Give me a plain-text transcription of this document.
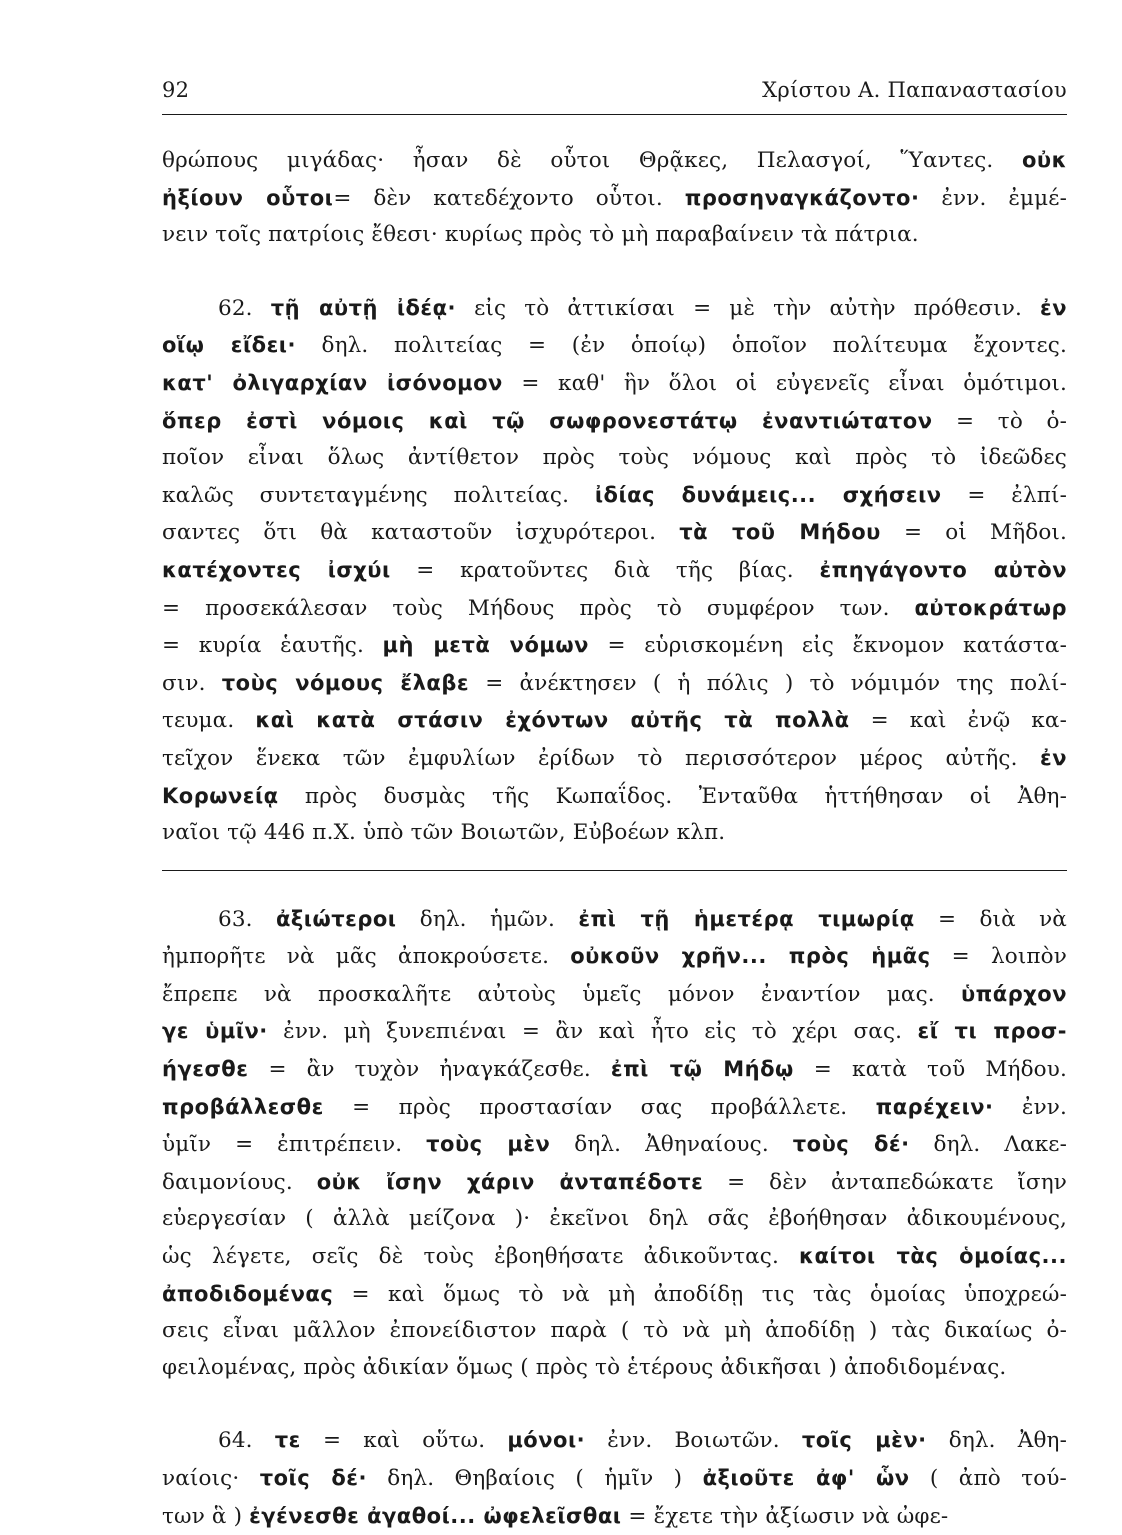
92	Χρίστου Α. Παπαναστασίου
θρώπους μιγάδας· ἦσαν δὲ οὗτοι Θρᾷκες, Πελασγοί, Ὕαντες. οὐκ
ἠξίουν οὗτοι= δὲν κατεδέχοντο οὗτοι. προσηναγκάζοντο· ἐνν. ἐμμέ-
νειν τοῖς πατρίοις ἔθεσι· κυρίως πρὸς τὸ μὴ παραβαίνειν τὰ πάτρια.
62. τῇ αὐτῇ ἰδέᾳ· εἰς τὸ ἀττικίσαι = μὲ τὴν αὐτὴν πρόθεσιν. ἐν
οἵῳ εἴδει· δηλ. πολιτείας = (ἐν ὁποίῳ) ὁποῖον πολίτευμα ἔχοντες.
κατ' ὀλιγαρχίαν ἰσόνομον = καθ' ἣν ὅλοι οἱ εὐγενεῖς εἶναι ὁμότιμοι.
ὅπερ ἐστὶ νόμοις καὶ τῷ σωφρονεστάτῳ ἐναντιώτατον = τὸ ὁ-
ποῖον εἶναι ὅλως ἀντίθετον πρὸς τοὺς νόμους καὶ πρὸς τὸ ἰδεῶδες
καλῶς συντεταγμένης πολιτείας. ἰδίας δυνάμεις... σχήσειν = ἐλπί-
σαντες ὅτι θὰ καταστοῦν ἰσχυρότεροι. τὰ τοῦ Μήδου = οἱ Μῆδοι.
κατέχοντες ἰσχύι = κρατοῦντες διὰ τῆς βίας. ἐπηγάγοντο αὐτὸν
= προσεκάλεσαν τοὺς Μήδους πρὸς τὸ συμφέρον των. αὐτοκράτωρ
= κυρία ἑαυτῆς. μὴ μετὰ νόμων = εὑρισκομένη εἰς ἔκνομον κατάστα-
σιν. τοὺς νόμους ἔλαβε = ἀνέκτησεν ( ἡ πόλις ) τὸ νόμιμόν της πολί-
τευμα. καὶ κατὰ στάσιν ἐχόντων αὐτῆς τὰ πολλὰ = καὶ ἐνῷ κα-
τεῖχον ἕνεκα τῶν ἐμφυλίων ἐρίδων τὸ περισσότερον μέρος αὐτῆς. ἐν
Κορωνείᾳ πρὸς δυσμὰς τῆς Κωπαΐδος. Ἐνταῦθα ἡττήθησαν οἱ Ἀθη-
ναῖοι τῷ 446 π.Χ. ὑπὸ τῶν Βοιωτῶν, Εὐβοέων κλπ.
63. ἀξιώτεροι δηλ. ἡμῶν. ἐπὶ τῇ ἡμετέρᾳ τιμωρίᾳ = διὰ νὰ
ἠμπορῆτε νὰ μᾶς ἀποκρούσετε. οὐκοῦν χρῆν... πρὸς ἡμᾶς = λοιπὸν
ἔπρεπε νὰ προσκαλῆτε αὐτοὺς ὑμεῖς μόνον ἐναντίον μας. ὑπάρχον
γε ὑμῖν· ἐνν. μὴ ξυνεπιέναι = ἂν καὶ ἦτο εἰς τὸ χέρι σας. εἴ τι προσ-
ήγεσθε = ἂν τυχὸν ἠναγκάζεσθε. ἐπὶ τῷ Μήδῳ = κατὰ τοῦ Μήδου.
προβάλλεσθε = πρὸς προστασίαν σας προβάλλετε. παρέχειν· ἐνν.
ὑμῖν = ἐπιτρέπειν. τοὺς μὲν δηλ. Ἀθηναίους. τοὺς δέ· δηλ. Λακε-
δαιμονίους. οὐκ ἴσην χάριν ἀνταπέδοτε = δὲν ἀνταπεδώκατε ἴσην
εὐεργεσίαν ( ἀλλὰ μείζονα )· ἐκεῖνοι δηλ σᾶς ἐβοήθησαν ἀδικουμένους,
ὡς λέγετε, σεῖς δὲ τοὺς ἐβοηθήσατε ἀδικοῦντας. καίτοι τὰς ὁμοίας...
ἀποδιδομένας = καὶ ὅμως τὸ νὰ μὴ ἀποδίδῃ τις τὰς ὁμοίας ὑποχρεώ-
σεις εἶναι μᾶλλον ἐπονείδιστον παρὰ ( τὸ νὰ μὴ ἀποδίδῃ ) τὰς δικαίως ὀ-
φειλομένας, πρὸς ἀδικίαν ὅμως ( πρὸς τὸ ἑτέρους ἀδικῆσαι ) ἀποδιδομένας.
64. τε = καὶ οὕτω. μόνοι· ἐνν. Βοιωτῶν. τοῖς μὲν· δηλ. Ἀθη-
ναίοις· τοῖς δέ· δηλ. Θηβαίοις ( ἡμῖν ) ἀξιοῦτε ἀφ' ὧν ( ἀπὸ τού-
των ἃ ) ἐγένεσθε ἀγαθοί... ὠφελεῖσθαι = ἔχετε τὴν ἀξίωσιν νὰ ὠφε-
